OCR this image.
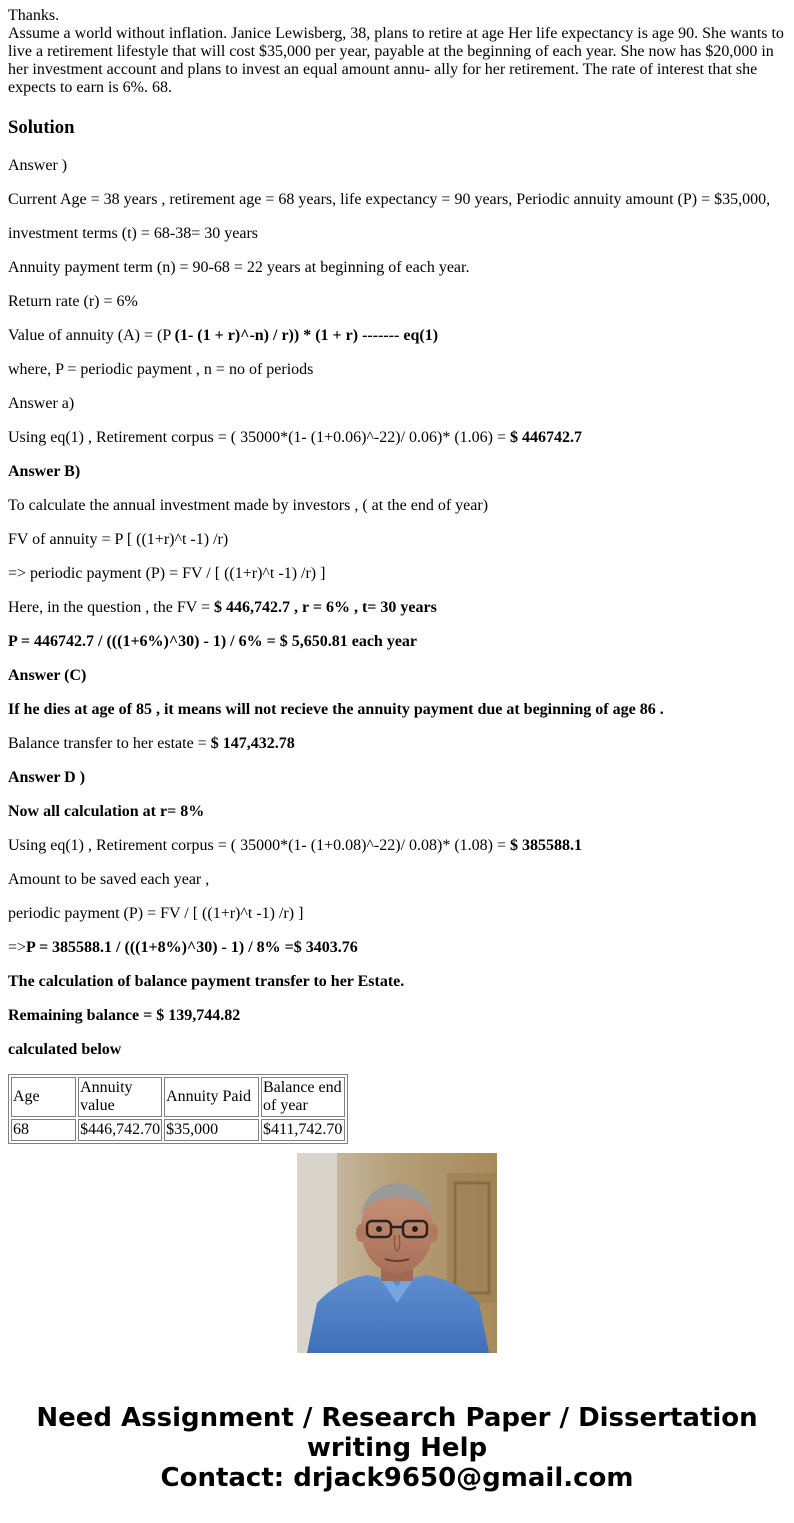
Thanks.
Assume a world without inflation. Janice Lewisberg, 38, plans to retire at age Her life expectancy is age 90. She wants to live a retirement lifestyle that will cost $35,000 per year, payable at the beginning of each year. She now has $20,000 in her investment account and plans to invest an equal amount annu- ally for her retirement. The rate of interest that she expects to earn is 6%. 68.
Solution

Answer )

Current Age = 38 years , retirement age = 68 years, life expectancy = 90 years, Periodic annuity amount (P) = $35,000,

investment terms (t) = 68-38= 30 years

Annuity payment term (n) = 90-68 = 22 years at beginning of each year.

Return rate (r) = 6%

Value of annuity (A) = (P (1- (1 + r)^-n) / r)) * (1 + r) ------- eq(1)

where, P = periodic payment , n = no of periods

Answer a)

Using eq(1) , Retirement corpus = ( 35000*(1- (1+0.06)^-22)/ 0.06)* (1.06) = $ 446742.7

Answer B)

To calculate the annual investment made by investors , ( at the end of year)

FV of annuity = P [ ((1+r)^t -1) /r)

=> periodic payment (P) = FV / [ ((1+r)^t -1) /r) ]

Here, in the question , the FV = $ 446,742.7 , r = 6% , t= 30 years

P = 446742.7 / (((1+6%)^30) - 1) / 6% = $ 5,650.81 each year

Answer (C)

If he dies at age of 85 , it means will not recieve the annuity payment due at beginning of age 86 .

Balance transfer to her estate = $ 147,432.78

Answer D )

Now all calculation at r= 8%

Using eq(1) , Retirement corpus = ( 35000*(1- (1+0.08)^-22)/ 0.08)* (1.08) = $ 385588.1

Amount to be saved each year ,

periodic payment (P) = FV / [ ((1+r)^t -1) /r) ]

=>P = 385588.1 / (((1+8%)^30) - 1) / 8% =$ 3403.76

The calculation of balance payment transfer to her Estate.

Remaining balance = $ 139,744.82

calculated below

Age	Annuity value	Annuity Paid	Balance end of year
68	$446,742.70	$35,000	$411,742.70
Need Assignment / Research Paper / Dissertation
writing Help
Contact: drjack9650@gmail.com
